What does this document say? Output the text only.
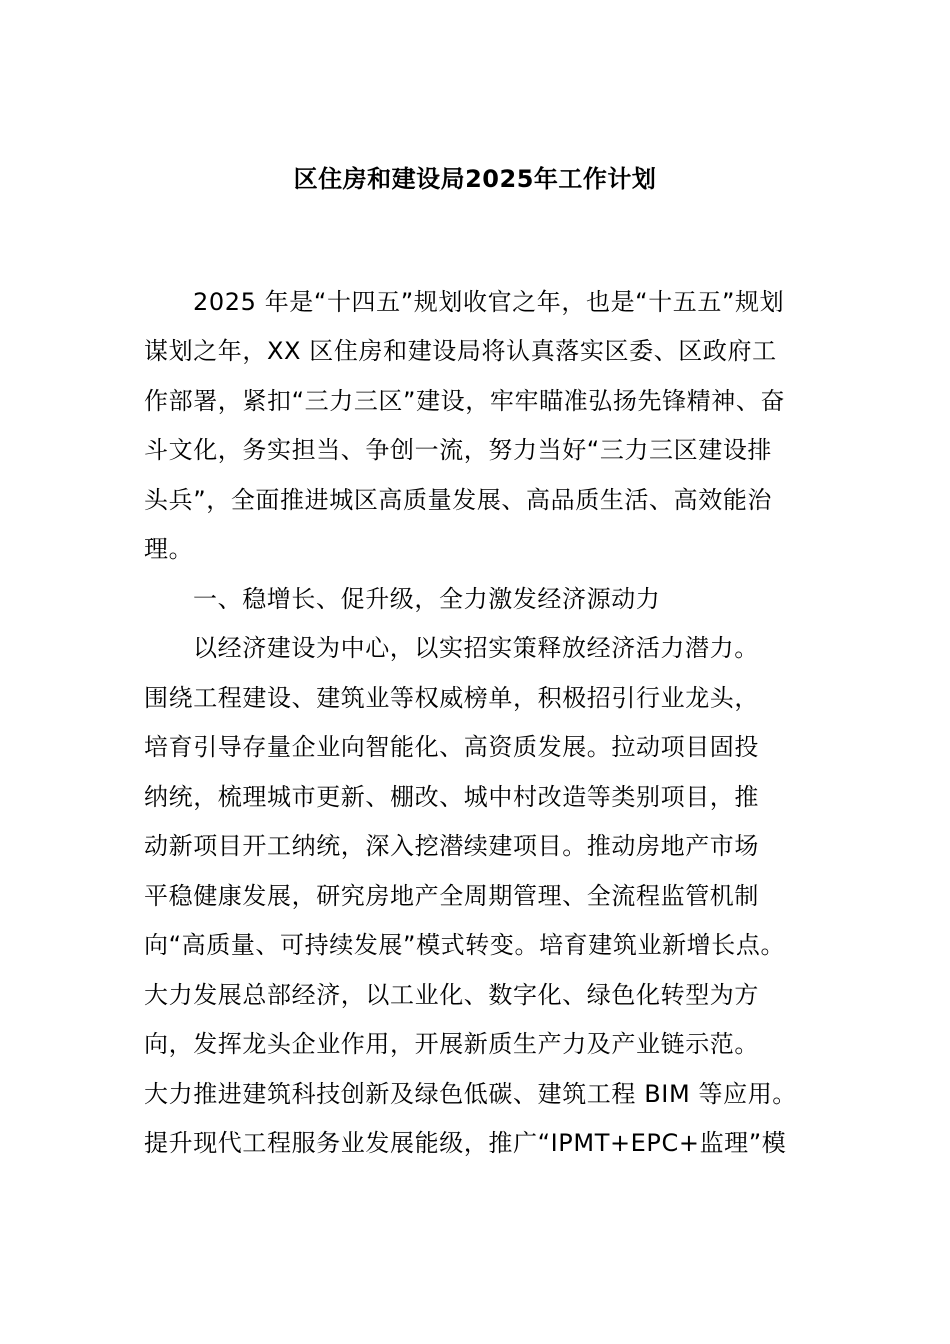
区住房和建设局2025年工作计划
2025 年是“十四五”规划收官之年，也是“十五五”规划
谋划之年，XX 区住房和建设局将认真落实区委、区政府工
作部署，紧扣“三力三区”建设，牢牢瞄准弘扬先锋精神、奋
斗文化，务实担当、争创一流，努力当好“三力三区建设排
头兵”，全面推进城区高质量发展、高品质生活、高效能治
理。
一、稳增长、促升级，全力激发经济源动力
以经济建设为中心，以实招实策释放经济活力潜力。
围绕工程建设、建筑业等权威榜单，积极招引行业龙头，
培育引导存量企业向智能化、高资质发展。拉动项目固投
纳统，梳理城市更新、棚改、城中村改造等类别项目，推
动新项目开工纳统，深入挖潜续建项目。推动房地产市场
平稳健康发展，研究房地产全周期管理、全流程监管机制
向“高质量、可持续发展”模式转变。培育建筑业新增长点。
大力发展总部经济，以工业化、数字化、绿色化转型为方
向，发挥龙头企业作用，开展新质生产力及产业链示范。
大力推进建筑科技创新及绿色低碳、建筑工程 BIM 等应用。
提升现代工程服务业发展能级，推广“IPMT+EPC+监理”模
